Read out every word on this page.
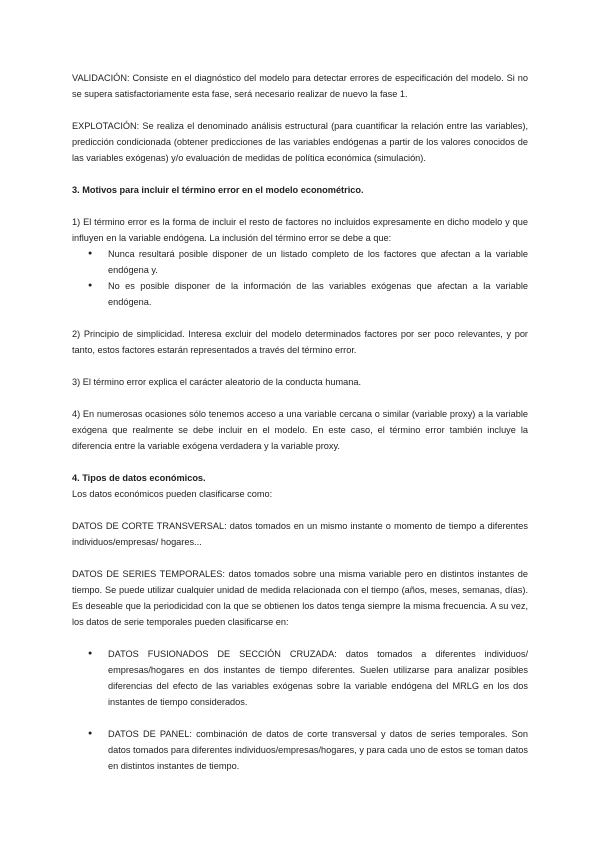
VALIDACIÓN: Consiste en el diagnóstico del modelo para detectar errores de especificación del modelo. Si no se supera satisfactoriamente esta fase, será necesario realizar de nuevo la fase 1.

EXPLOTACIÓN: Se realiza el denominado análisis estructural (para cuantificar la relación entre las variables), predicción condicionada (obtener predicciones de las variables endógenas a partir de los valores conocidos de las variables exógenas) y/o evaluación de medidas de política económica (simulación).

3. Motivos para incluir el término error en el modelo econométrico.

1) El término error es la forma de incluir el resto de factores no incluidos expresamente en dicho modelo y que influyen en la variable endógena. La inclusión del término error se debe a que:

● Nunca resultará posible disponer de un listado completo de los factores que afectan a la variable endógena y.
● No es posible disponer de la información de las variables exógenas que afectan a la variable endógena.

2) Principio de simplicidad. Interesa excluir del modelo determinados factores por ser poco relevantes, y por tanto, estos factores estarán representados a través del término error.

3) El término error explica el carácter aleatorio de la conducta humana.

4) En numerosas ocasiones sólo tenemos acceso a una variable cercana o similar (variable proxy) a la variable exógena que realmente se debe incluir en el modelo. En este caso, el término error también incluye la diferencia entre la variable exógena verdadera y la variable proxy.

4. Tipos de datos económicos.

Los datos económicos pueden clasificarse como:

DATOS DE CORTE TRANSVERSAL: datos tomados en un mismo instante o momento de tiempo a diferentes individuos/empresas/ hogares...

DATOS DE SERIES TEMPORALES: datos tomados sobre una misma variable pero en distintos instantes de tiempo. Se puede utilizar cualquier unidad de medida relacionada con el tiempo (años, meses, semanas, días). Es deseable que la periodicidad con la que se obtienen los datos tenga siempre la misma frecuencia. A su vez, los datos de serie temporales pueden clasificarse en:

● DATOS FUSIONADOS DE SECCIÓN CRUZADA: datos tomados a diferentes individuos/ empresas/hogares en dos instantes de tiempo diferentes. Suelen utilizarse para analizar posibles diferencias del efecto de las variables exógenas sobre la variable endógena del MRLG en los dos instantes de tiempo considerados.
● DATOS DE PANEL: combinación de datos de corte transversal y datos de series temporales. Son datos tomados para diferentes individuos/empresas/hogares, y para cada uno de estos se toman datos en distintos instantes de tiempo.
